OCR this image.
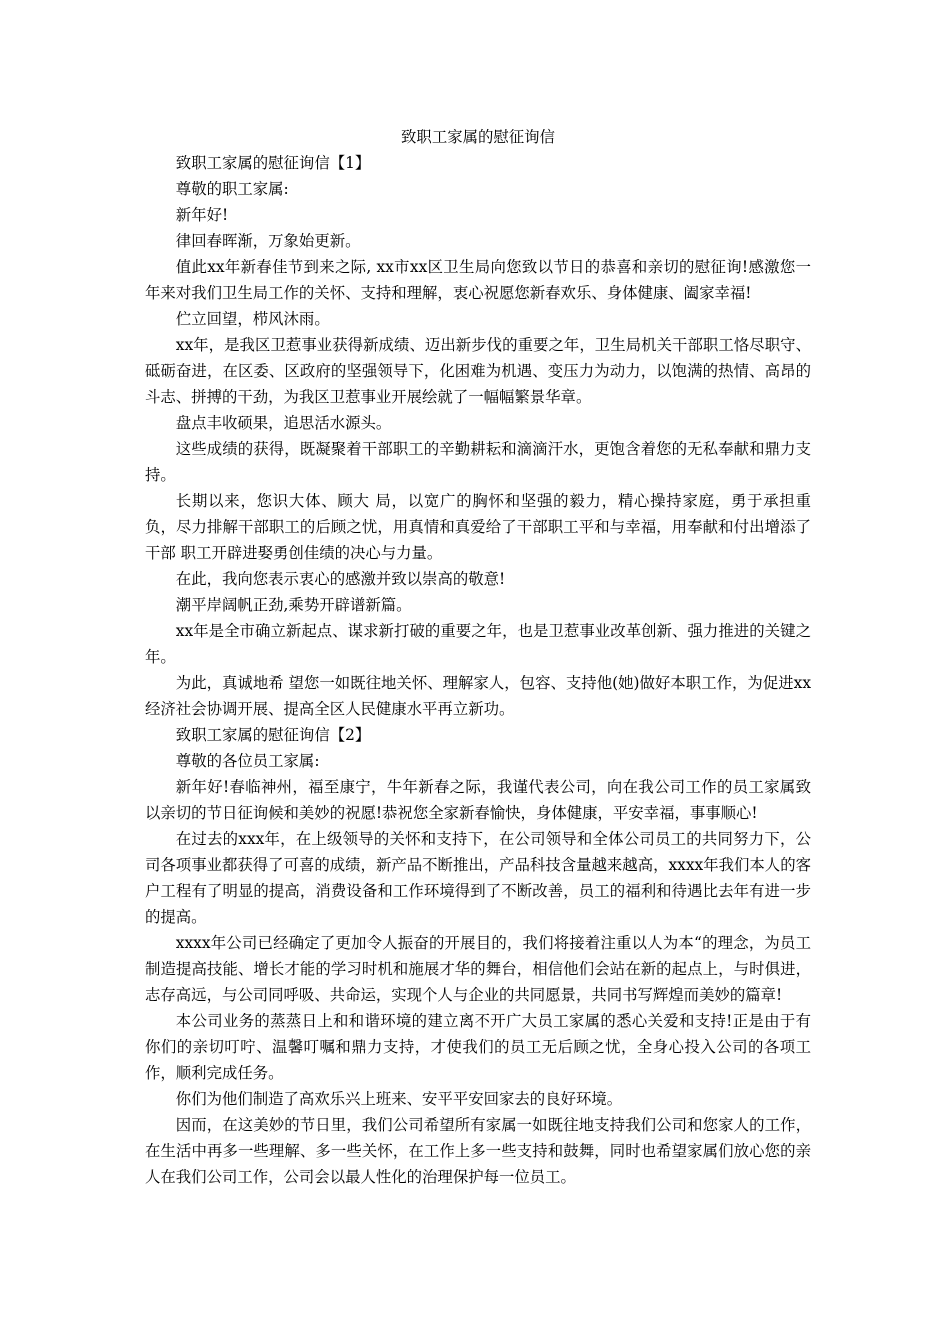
致职工家属的慰征询信

致职工家属的慰征询信【1】

尊敬的职工家属:

新年好!

律回春晖渐，万象始更新。

值此xx年新春佳节到来之际, xx市xx区卫生局向您致以节日的恭喜和亲切的慰征询!感激您一年来对我们卫生局工作的关怀、支持和理解，衷心祝愿您新春欢乐、身体健康、阖家幸福!

伫立回望，栉风沐雨。

xx年，是我区卫惹事业获得新成绩、迈出新步伐的重要之年，卫生局机关干部职工恪尽职守、砥砺奋进，在区委、区政府的坚强领导下，化困难为机遇、变压力为动力，以饱满的热情、高昂的斗志、拼搏的干劲，为我区卫惹事业开展绘就了一幅幅繁景华章。

盘点丰收硕果，追思活水源头。

这些成绩的获得，既凝聚着干部职工的辛勤耕耘和滴滴汗水，更饱含着您的无私奉献和鼎力支持。

长期以来，您识大体、顾大 局，以宽广的胸怀和坚强的毅力，精心操持家庭，勇于承担重负，尽力排解干部职工的后顾之忧，用真情和真爱给了干部职工平和与幸福，用奉献和付出增添了干部 职工开辟进娶勇创佳绩的决心与力量。

在此，我向您表示衷心的感激并致以崇高的敬意!

潮平岸阔帆正劲,乘势开辟谱新篇。

xx年是全市确立新起点、谋求新打破的重要之年，也是卫惹事业改革创新、强力推进的关键之年。

为此，真诚地希 望您一如既往地关怀、理解家人，包容、支持他(她)做好本职工作，为促进xx经济社会协调开展、提高全区人民健康水平再立新功。

致职工家属的慰征询信【2】

尊敬的各位员工家属:

新年好!春临神州，福至康宁，牛年新春之际，我谨代表公司，向在我公司工作的员工家属致以亲切的节日征询候和美妙的祝愿!恭祝您全家新春愉快，身体健康，平安幸福，事事顺心!

在过去的xxx年，在上级领导的关怀和支持下，在公司领导和全体公司员工的共同努力下，公司各项事业都获得了可喜的成绩，新产品不断推出，产品科技含量越来越高，xxxx年我们本人的客户工程有了明显的提高，消费设备和工作环境得到了不断改善，员工的福利和待遇比去年有进一步的提高。

xxxx年公司已经确定了更加令人振奋的开展目的，我们将接着注重以人为本“的理念，为员工制造提高技能、增长才能的学习时机和施展才华的舞台，相信他们会站在新的起点上，与时俱进，志存高远，与公司同呼吸、共命运，实现个人与企业的共同愿景，共同书写辉煌而美妙的篇章!

本公司业务的蒸蒸日上和和谐环境的建立离不开广大员工家属的悉心关爱和支持!正是由于有你们的亲切叮咛、温馨叮嘱和鼎力支持，才使我们的员工无后顾之忧，全身心投入公司的各项工作，顺利完成任务。

你们为他们制造了高欢乐兴上班来、安平平安回家去的良好环境。

因而，在这美妙的节日里，我们公司希望所有家属一如既往地支持我们公司和您家人的工作，在生活中再多一些理解、多一些关怀，在工作上多一些支持和鼓舞，同时也希望家属们放心您的亲人在我们公司工作，公司会以最人性化的治理保护每一位员工。
